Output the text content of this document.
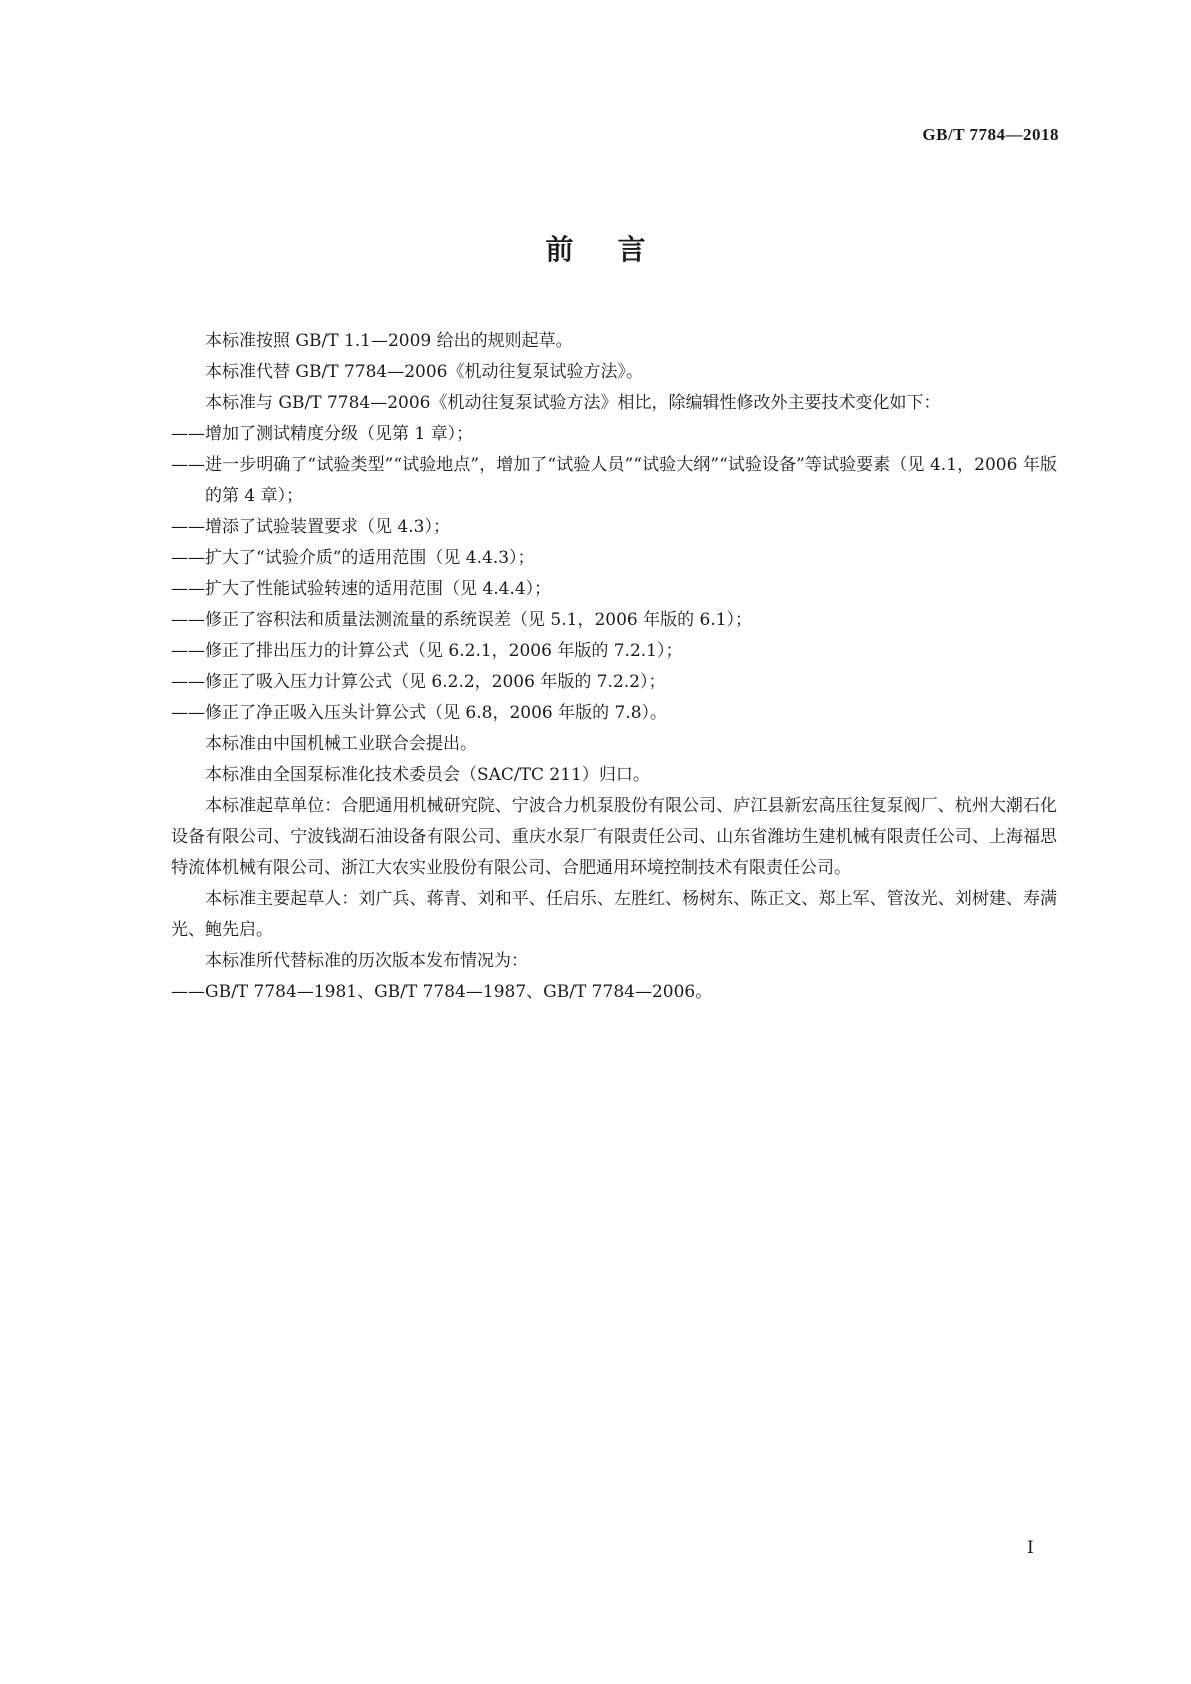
GB/T 7784—2018
前言

本标准按照 GB/T 1.1—2009 给出的规则起草。

本标准代替 GB/T 7784—2006《机动往复泵试验方法》。

本标准与 GB/T 7784—2006《机动往复泵试验方法》相比，除编辑性修改外主要技术变化如下：

——增加了测试精度分级（见第 1 章）；

——进一步明确了“试验类型”“试验地点”，增加了“试验人员”“试验大纲”“试验设备”等试验要素（见 4.1，2006 年版的第 4 章）；

——增添了试验装置要求（见 4.3）；

——扩大了“试验介质”的适用范围（见 4.4.3）；

——扩大了性能试验转速的适用范围（见 4.4.4）；

——修正了容积法和质量法测流量的系统误差（见 5.1，2006 年版的 6.1）；

——修正了排出压力的计算公式（见 6.2.1，2006 年版的 7.2.1）；

——修正了吸入压力计算公式（见 6.2.2，2006 年版的 7.2.2）；

——修正了净正吸入压头计算公式（见 6.8，2006 年版的 7.8）。

本标准由中国机械工业联合会提出。

本标准由全国泵标准化技术委员会（SAC/TC 211）归口。

本标准起草单位：合肥通用机械研究院、宁波合力机泵股份有限公司、庐江县新宏高压往复泵阀厂、杭州大潮石化设备有限公司、宁波钱湖石油设备有限公司、重庆水泵厂有限责任公司、山东省潍坊生建机械有限责任公司、上海福思特流体机械有限公司、浙江大农实业股份有限公司、合肥通用环境控制技术有限责任公司。

本标准主要起草人：刘广兵、蒋青、刘和平、任启乐、左胜红、杨树东、陈正文、郑上军、管汝光、刘树建、寿满光、鲍先启。

本标准所代替标准的历次版本发布情况为：

——GB/T 7784—1981、GB/T 7784—1987、GB/T 7784—2006。

I
